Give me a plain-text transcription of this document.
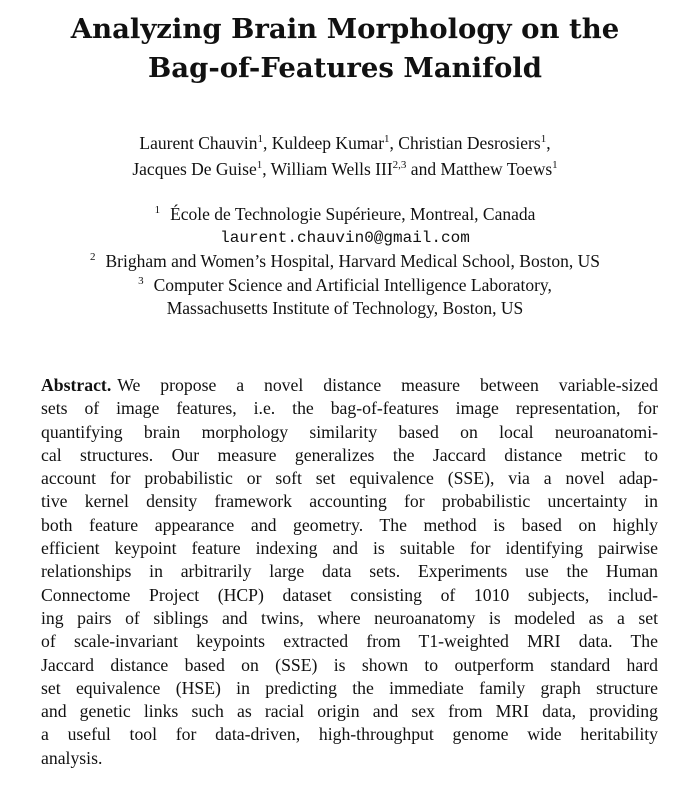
Analyzing Brain Morphology on the
Bag-of-Features Manifold
Laurent Chauvin$^1$, Kuldeep Kumar$^1$, Christian Desrosiers$^1$,
Jacques De Guise$^1$, William Wells III$^{2,3}$ and Matthew Toews$^1$
$^1$ École de Technologie Supérieure, Montreal, Canada
laurent.chauvin0@gmail.com
$^2$ Brigham and Women’s Hospital, Harvard Medical School, Boston, US
$^3$ Computer Science and Artificial Intelligence Laboratory,
Massachusetts Institute of Technology, Boston, US
Abstract. We propose a novel distance measure between variable-sized
sets of image features, i.e. the bag-of-features image representation, for
quantifying brain morphology similarity based on local neuroanatomi-
cal structures. Our measure generalizes the Jaccard distance metric to
account for probabilistic or soft set equivalence (SSE), via a novel adap-
tive kernel density framework accounting for probabilistic uncertainty in
both feature appearance and geometry. The method is based on highly
efficient keypoint feature indexing and is suitable for identifying pairwise
relationships in arbitrarily large data sets. Experiments use the Human
Connectome Project (HCP) dataset consisting of 1010 subjects, includ-
ing pairs of siblings and twins, where neuroanatomy is modeled as a set
of scale-invariant keypoints extracted from T1-weighted MRI data. The
Jaccard distance based on (SSE) is shown to outperform standard hard
set equivalence (HSE) in predicting the immediate family graph structure
and genetic links such as racial origin and sex from MRI data, providing
a useful tool for data-driven, high-throughput genome wide heritability
analysis.
